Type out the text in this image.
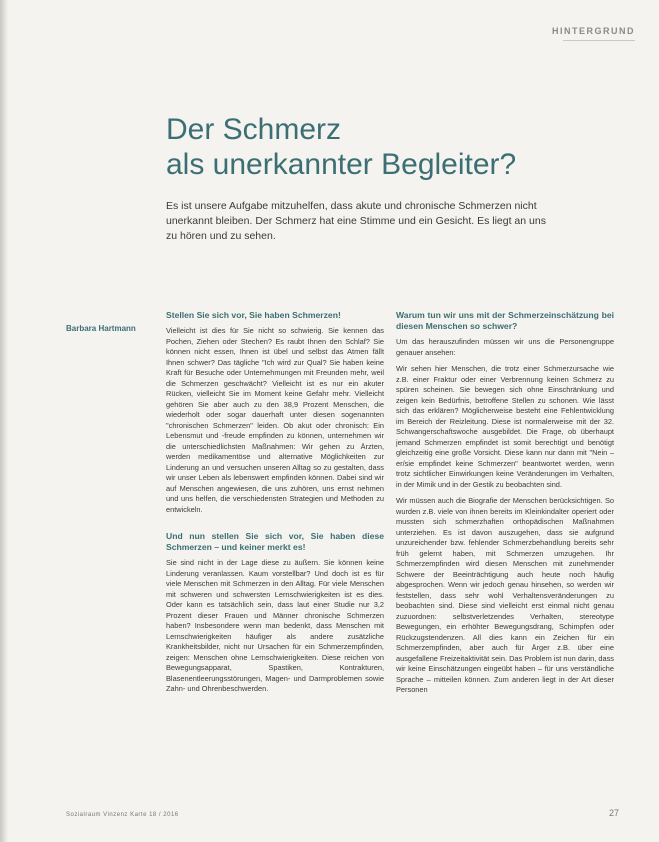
HINTERGRUND
Der Schmerz
als unerkannter Begleiter?

Es ist unsere Aufgabe mitzuhelfen, dass akute und chronische Schmerzen nicht unerkannt bleiben. Der Schmerz hat eine Stimme und ein Gesicht. Es liegt an uns zu hören und zu sehen.

Barbara Hartmann
Stellen Sie sich vor, Sie haben Schmerzen!

Vielleicht ist dies für Sie nicht so schwierig. Sie kennen das Pochen, Ziehen oder Stechen? Es raubt Ihnen den Schlaf? Sie können nicht essen, Ihnen ist übel und selbst das Atmen fällt Ihnen schwer? Das tägliche "Ich wird zur Qual? Sie haben keine Kraft für Besuche oder Unternehmungen mit Freunden mehr, weil die Schmerzen geschwächt? Vielleicht ist es nur ein akuter Rücken, vielleicht Sie im Moment keine Gefahr mehr. Vielleicht gehören Sie aber auch zu den 38,9 Prozent Menschen, die wiederholt oder sogar dauerhaft unter diesen sogenannten "chronischen Schmerzen" leiden. Ob akut oder chronisch: Ein Lebensmut und -freude empfinden zu können, unternehmen wir die unterschiedlichsten Maßnahmen: Wir gehen zu Ärzten, werden medikamentöse und alternative Möglichkeiten zur Linderung an und versuchen unseren Alltag so zu gestalten, dass wir unser Leben als lebenswert empfinden können. Dabei sind wir auf Menschen angewiesen, die uns zuhören, uns ernst nehmen und uns helfen, die verschiedensten Strategien und Methoden zu entwickeln.

Und nun stellen Sie sich vor, Sie haben diese Schmerzen – und keiner merkt es!

Sie sind nicht in der Lage diese zu äußern. Sie können keine Linderung veranlassen. Kaum vorstellbar? Und doch ist es für viele Menschen mit Schmerzen in den Alltag. Für viele Menschen mit schweren und schwersten Lernschwierigkeiten ist es dies. Oder kann es tatsächlich sein, dass laut einer Studie nur 3,2 Prozent dieser Frauen und Männer chronische Schmerzen haben? Insbesondere wenn man bedenkt, dass Menschen mit Lernschwierigkeiten häufiger als andere zusätzliche Krankheitsbilder, nicht nur Ursachen für ein Schmerzempfinden, zeigen: Menschen ohne Lernschwierigkeiten. Diese reichen von Bewegungsapparat, Spastiken, Kontrakturen, Blasenentleerungsstörungen, Magen- und Darmproblemen sowie Zahn- und Ohrenbeschwerden.

Warum tun wir uns mit der Schmerzeinschätzung bei diesen Menschen so schwer?

Um das herauszufinden müssen wir uns die Personengruppe genauer ansehen:

Wir sehen hier Menschen, die trotz einer Schmerzursache wie z.B. einer Fraktur oder einer Verbrennung keinen Schmerz zu spüren scheinen. Sie bewegen sich ohne Einschränkung und zeigen kein Bedürfnis, betroffene Stellen zu schonen. Wie lässt sich das erklären? Möglicherweise besteht eine Fehlentwicklung im Bereich der Reizleitung. Diese ist normalerweise mit der 32. Schwangerschaftswoche ausgebildet. Die Frage, ob überhaupt jemand Schmerzen empfindet ist somit berechtigt und benötigt gleichzeitig eine große Vorsicht. Diese kann nur dann mit "Nein – er/sie empfindet keine Schmerzen" beantwortet werden, wenn trotz sichtlicher Einwirkungen keine Veränderungen im Verhalten, in der Mimik und in der Gestik zu beobachten sind.

Wir müssen auch die Biografie der Menschen berücksichtigen. So wurden z.B. viele von ihnen bereits im Kleinkindalter operiert oder mussten sich schmerzhaften orthopädischen Maßnahmen unterziehen. Es ist davon auszugehen, dass sie aufgrund unzureichender bzw. fehlender Schmerzbehandlung bereits sehr früh gelernt haben, mit Schmerzen umzugehen. Ihr Schmerzempfinden wird diesen Menschen mit zunehmender Schwere der Beeinträchtigung auch heute noch häufig abgesprochen. Wenn wir jedoch genau hinsehen, so werden wir feststellen, dass sehr wohl Verhaltensveränderungen zu beobachten sind. Diese sind vielleicht erst einmal nicht genau zuzuordnen: selbstverletzendes Verhalten, stereotype Bewegungen, ein erhöhter Bewegungsdrang, Schimpfen oder Rückzugstendenzen. All dies kann ein Zeichen für ein Schmerzempfinden, aber auch für Ärger z.B. über eine ausgefallene Freizeitaktivität sein. Das Problem ist nun darin, dass wir keine Einschätzungen eingeübt haben – für uns verständliche Sprache – mitteilen können. Zum anderen liegt in der Art dieser Personen

Sozialraum Vinzenz Karte 18 / 2016	27
